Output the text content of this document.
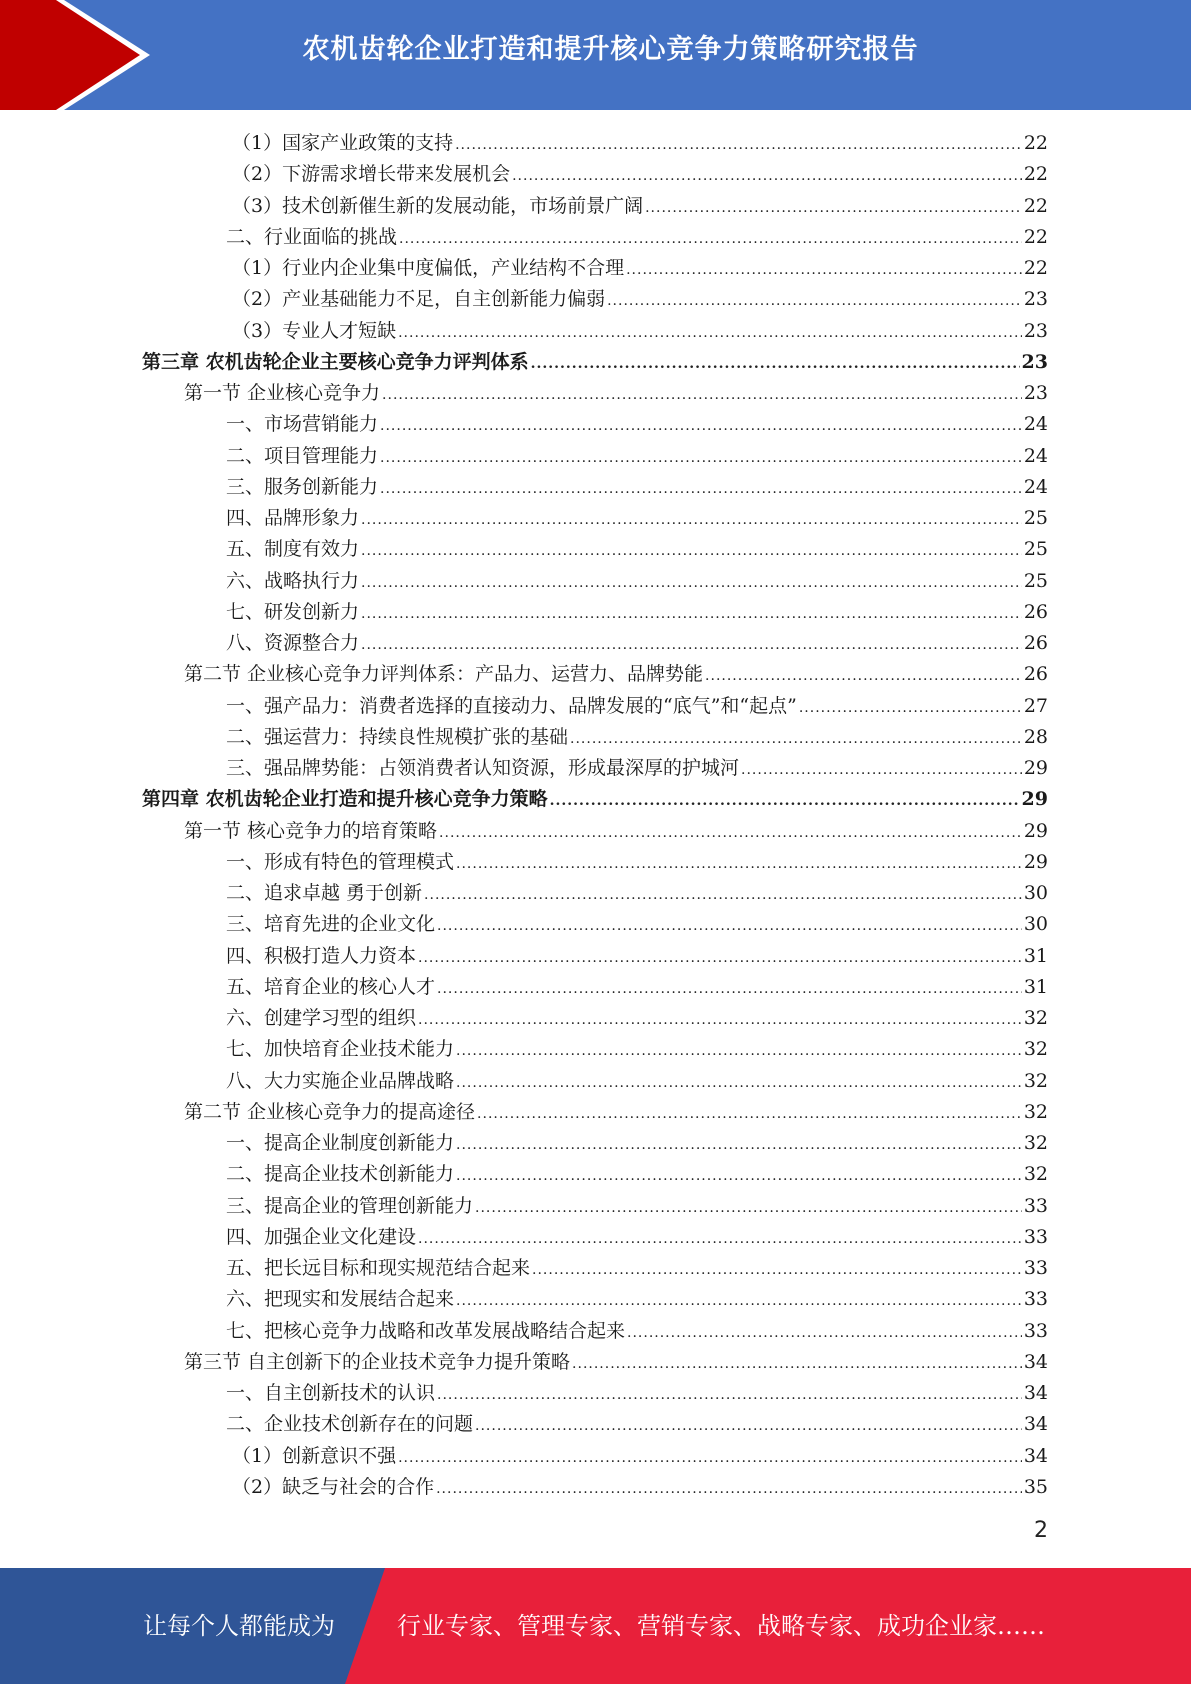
农机齿轮企业打造和提升核心竞争力策略研究报告
（1）国家产业政策的支持 .....	22
（2）下游需求增长带来发展机会 .....	22
（3）技术创新催生新的发展动能，市场前景广阔 .....	22
二、行业面临的挑战 .....	22
（1）行业内企业集中度偏低，产业结构不合理 .....	22
（2）产业基础能力不足，自主创新能力偏弱 .....	23
（3）专业人才短缺 .....	23
第三章 农机齿轮企业主要核心竞争力评判体系 .....	23
第一节 企业核心竞争力 .....	23
一、市场营销能力 .....	24
二、项目管理能力 .....	24
三、服务创新能力 .....	24
四、品牌形象力 .....	25
五、制度有效力 .....	25
六、战略执行力 .....	25
七、研发创新力 .....	26
八、资源整合力 .....	26
第二节 企业核心竞争力评判体系：产品力、运营力、品牌势能 .....	26
一、强产品力：消费者选择的直接动力、品牌发展的“底气”和“起点” .....	27
二、强运营力：持续良性规模扩张的基础 .....	28
三、强品牌势能：占领消费者认知资源，形成最深厚的护城河 .....	29
第四章 农机齿轮企业打造和提升核心竞争力策略 .....	29
第一节 核心竞争力的培育策略 .....	29
一、形成有特色的管理模式 .....	29
二、追求卓越 勇于创新 .....	30
三、培育先进的企业文化 .....	30
四、积极打造人力资本 .....	31
五、培育企业的核心人才 .....	31
六、创建学习型的组织 .....	32
七、加快培育企业技术能力 .....	32
八、大力实施企业品牌战略 .....	32
第二节 企业核心竞争力的提高途径 .....	32
一、提高企业制度创新能力 .....	32
二、提高企业技术创新能力 .....	32
三、提高企业的管理创新能力 .....	33
四、加强企业文化建设 .....	33
五、把长远目标和现实规范结合起来 .....	33
六、把现实和发展结合起来 .....	33
七、把核心竞争力战略和改革发展战略结合起来 .....	33
第三节 自主创新下的企业技术竞争力提升策略 .....	34
一、自主创新技术的认识 .....	34
二、企业技术创新存在的问题 .....	34
（1）创新意识不强 .....	34
（2）缺乏与社会的合作 .....	35
2
让每个人都能成为	行业专家、管理专家、营销专家、战略专家、成功企业家……
